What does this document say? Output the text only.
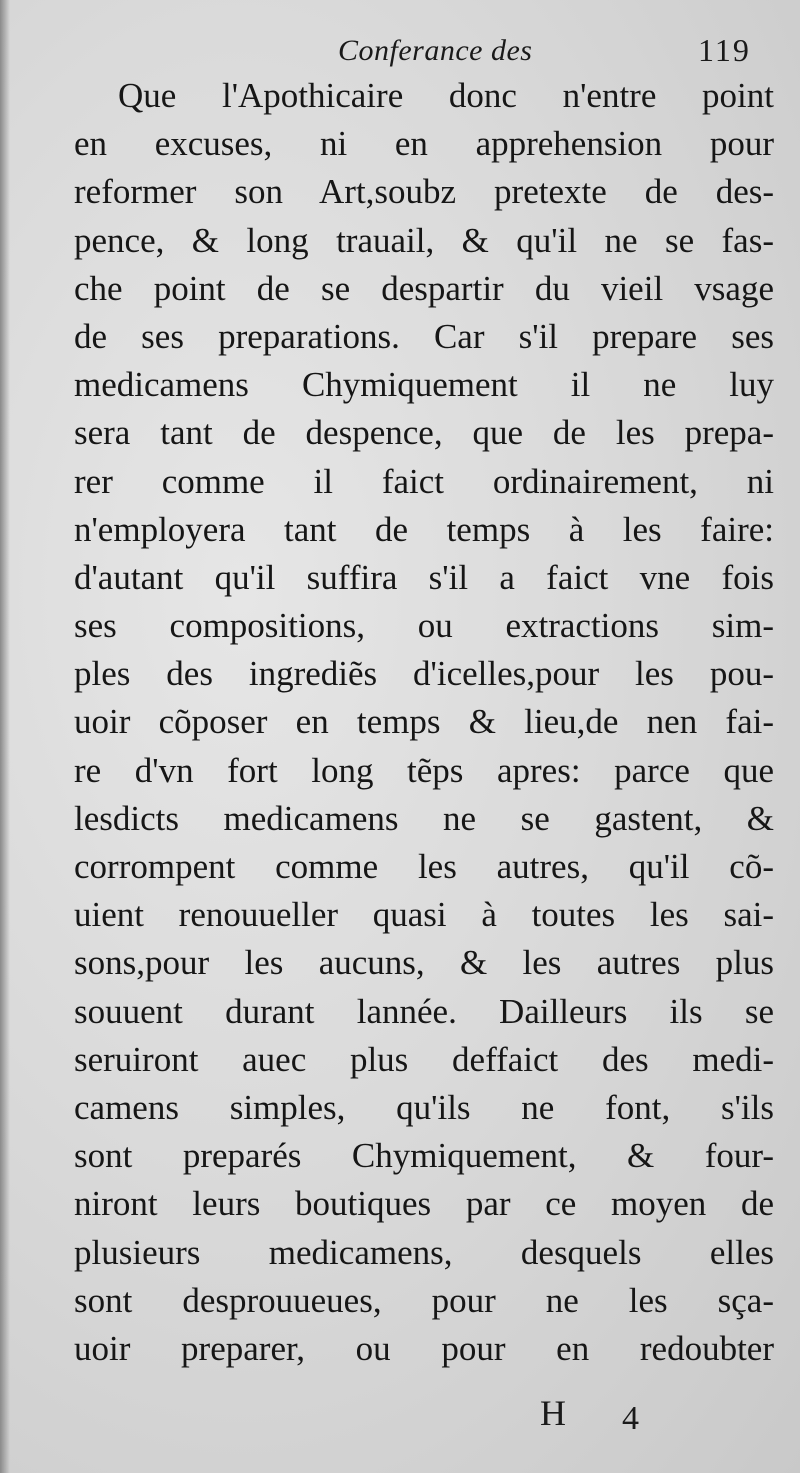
Conferance des	119
Que l'Apothicaire donc n'entre point
en excuses, ni en apprehension pour
reformer son Art,soubz pretexte de des-
pence, & long trauail, & qu'il ne se fas-
che point de se despartir du vieil vsage
de ses preparations. Car s'il prepare ses
medicamens Chymiquement il ne luy
sera tant de despence, que de les prepa-
rer comme il faict ordinairement, ni
n'employera tant de temps à les faire:
d'autant qu'il suffira s'il a faict vne fois
ses compositions, ou extractions sim-
ples des ingrediẽs d'icelles,pour les pou-
uoir cõposer en temps & lieu,de nen fai-
re d'vn fort long tẽps apres: parce que
lesdicts medicamens ne se gastent, &
corrompent comme les autres, qu'il cõ-
uient renouueller quasi à toutes les sai-
sons,pour les aucuns, & les autres plus
souuent durant lannée. Dailleurs ils se
seruiront auec plus deffaict des medi-
camens simples, qu'ils ne font, s'ils
sont preparés Chymiquement, & four-
niront leurs boutiques par ce moyen de
plusieurs medicamens, desquels elles
sont desprouueues, pour ne les sça-
uoir preparer, ou pour en redoubter
H 4
